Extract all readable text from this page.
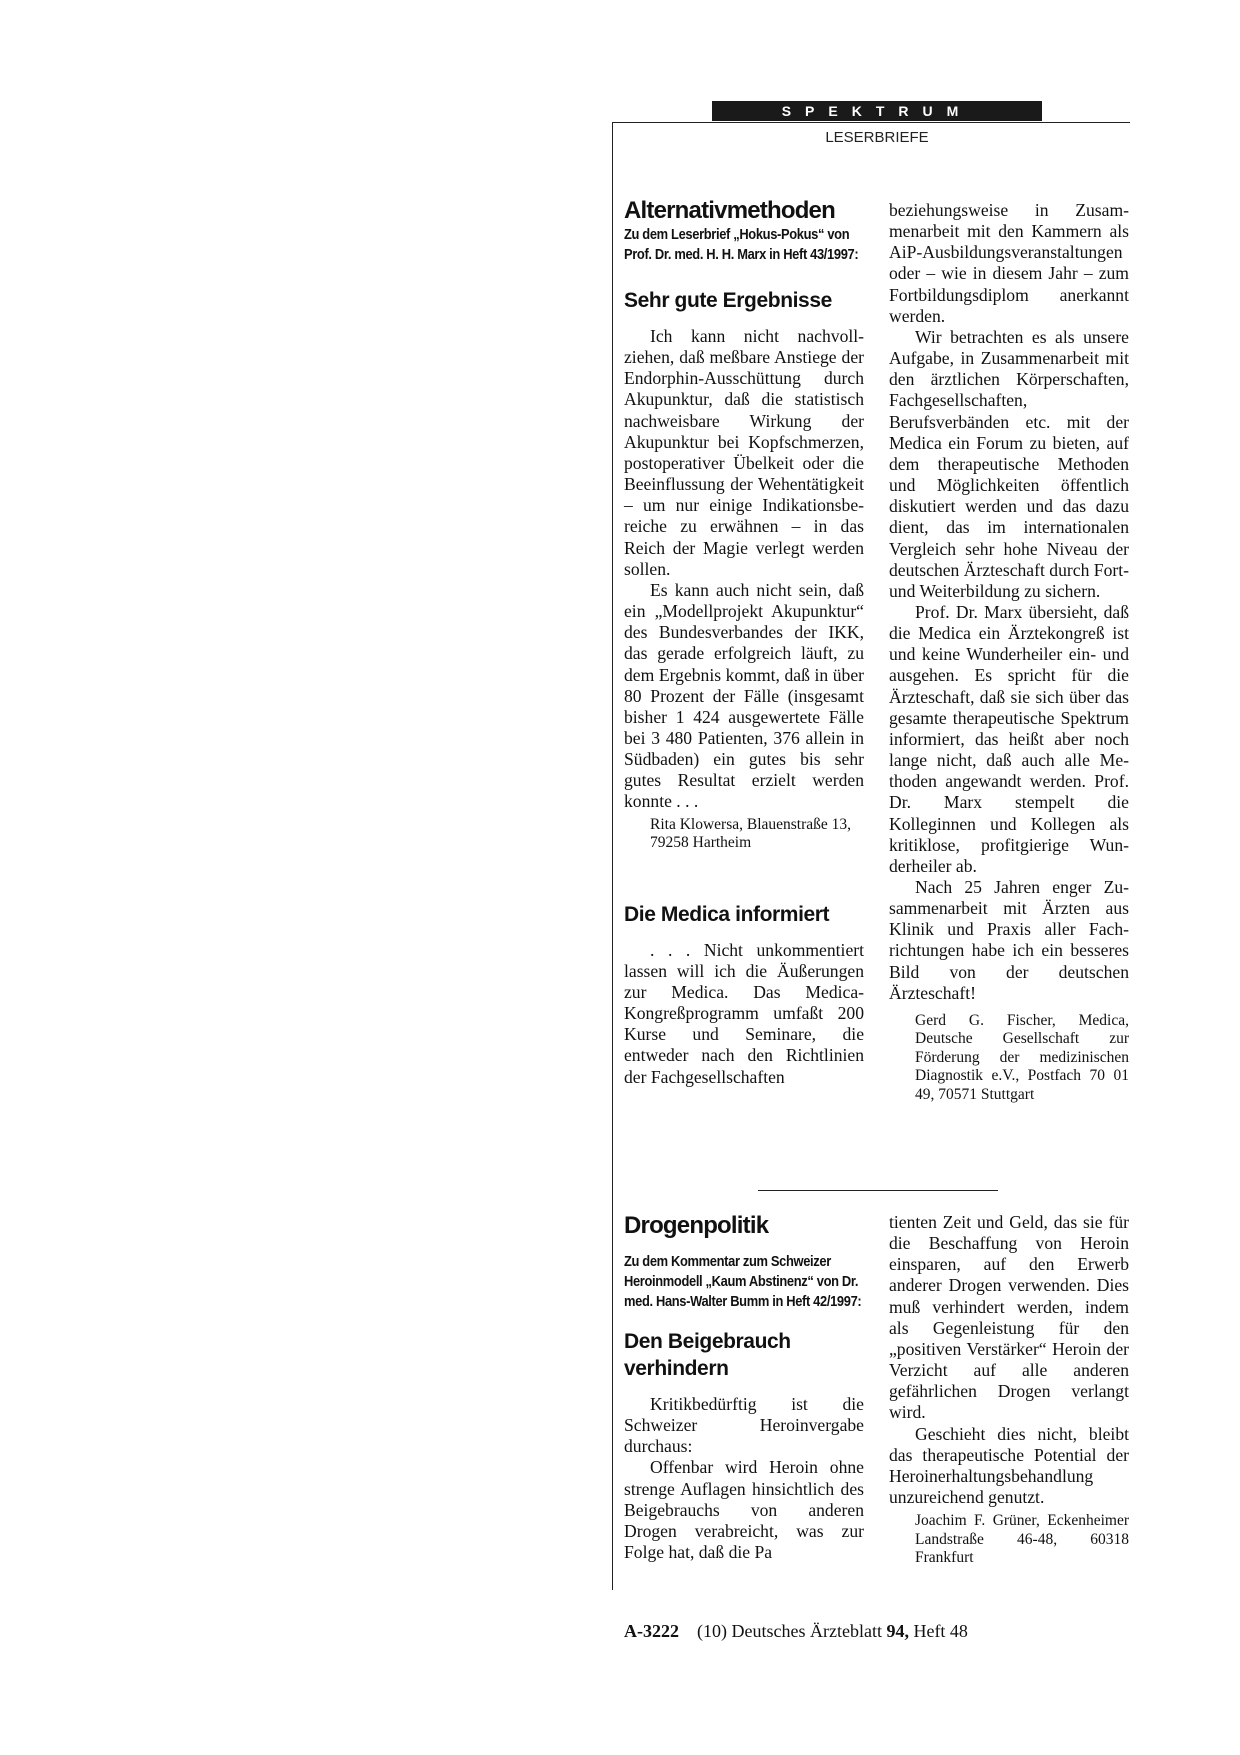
SPEKTRUM
LESERBRIEFE
Alternativmethoden

Zu dem Leserbrief „Hokus-Pokus“ von Prof. Dr. med. H. H. Marx in Heft 43/1997:

Sehr gute Ergebnisse

Ich kann nicht nachvollziehen, daß meßbare Anstiege der Endorphin-Ausschüttung durch Akupunktur, daß die statistisch nachweisbare Wirkung der Akupunktur bei Kopfschmerzen, postoperativer Übelkeit oder die Beeinflussung der Wehentätigkeit – um nur einige Indikationsbereiche zu erwähnen – in das Reich der Magie verlegt werden sollen.

Es kann auch nicht sein, daß ein „Modellprojekt Akupunktur“ des Bundesverbandes der IKK, das gerade erfolgreich läuft, zu dem Ergebnis kommt, daß in über 80 Prozent der Fälle (insgesamt bisher 1 424 ausgewertete Fälle bei 3 480 Patienten, 376 allein in Südbaden) ein gutes bis sehr gutes Resultat erzielt werden konnte . . .

Rita Klowersa, Blauenstraße 13, 79258 Hartheim

Die Medica informiert

. . . Nicht unkommentiert lassen will ich die Äußerungen zur Medica. Das Medica-Kongreßprogramm umfaßt 200 Kurse und Seminare, die entweder nach den Richtlinien der Fachgesellschaften

beziehungsweise in Zusammenarbeit mit den Kammern als AiP-Ausbildungsveranstaltungen oder – wie in diesem Jahr – zum Fortbildungsdiplom anerkannt werden.

Wir betrachten es als unsere Aufgabe, in Zusammenarbeit mit den ärztlichen Körperschaften, Fachgesellschaften, Berufsverbänden etc. mit der Medica ein Forum zu bieten, auf dem therapeutische Methoden und Möglichkeiten öffentlich diskutiert werden und das dazu dient, das im internationalen Vergleich sehr hohe Niveau der deutschen Ärzteschaft durch Fort- und Weiterbildung zu sichern.

Prof. Dr. Marx übersieht, daß die Medica ein Ärztekongreß ist und keine Wunderheiler ein- und ausgehen. Es spricht für die Ärzteschaft, daß sie sich über das gesamte therapeutische Spektrum informiert, das heißt aber noch lange nicht, daß auch alle Methoden angewandt werden. Prof. Dr. Marx stempelt die Kolleginnen und Kollegen als kritiklose, profitgierige Wunderheiler ab.

Nach 25 Jahren enger Zusammenarbeit mit Ärzten aus Klinik und Praxis aller Fachrichtungen habe ich ein besseres Bild von der deutschen Ärzteschaft!

Gerd G. Fischer, Medica, Deutsche Gesellschaft zur Förderung der medizinischen Diagnostik e.V., Postfach 70 01 49, 70571 Stuttgart

Drogenpolitik

Zu dem Kommentar zum Schweizer Heroinmodell „Kaum Abstinenz“ von Dr. med. Hans-Walter Bumm in Heft 42/1997:

Den Beigebrauch verhindern

Kritikbedürftig ist die Schweizer Heroinvergabe durchaus:

Offenbar wird Heroin ohne strenge Auflagen hinsichtlich des Beigebrauchs von anderen Drogen verabreicht, was zur Folge hat, daß die Pa

tienten Zeit und Geld, das sie für die Beschaffung von Heroin einsparen, auf den Erwerb anderer Drogen verwenden. Dies muß verhindert werden, indem als Gegenleistung für den „positiven Verstärker“ Heroin der Verzicht auf alle anderen gefährlichen Drogen verlangt wird.

Geschieht dies nicht, bleibt das therapeutische Potential der Heroinerhaltungsbehandlung unzureichend genutzt.

Joachim F. Grüner, Eckenheimer Landstraße 46-48, 60318 Frankfurt

A-3222 (10) Deutsches Ärzteblatt 94, Heft 48
